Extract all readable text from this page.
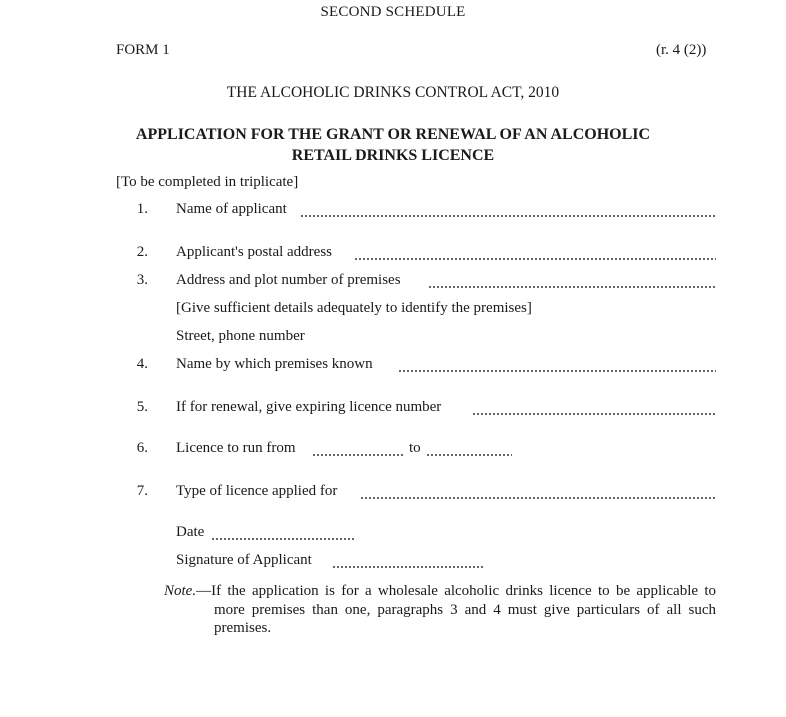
SECOND SCHEDULE
FORM 1	(r. 4 (2))
THE ALCOHOLIC DRINKS CONTROL ACT, 2010
APPLICATION FOR THE GRANT OR RENEWAL OF AN ALCOHOLIC
RETAIL DRINKS LICENCE
[To be completed in triplicate]
1. Name of applicant
2. Applicant's postal address
3. Address and plot number of premises
[Give sufficient details adequately to identify the premises]
Street, phone number
4. Name by which premises known
5. If for renewal, give expiring licence number
6. Licence to run from	to
7. Type of licence applied for
Date
Signature of Applicant
Note.—If the application is for a wholesale alcoholic drinks licence to be applicable to more premises than one, paragraphs 3 and 4 must give particulars of all such premises.
